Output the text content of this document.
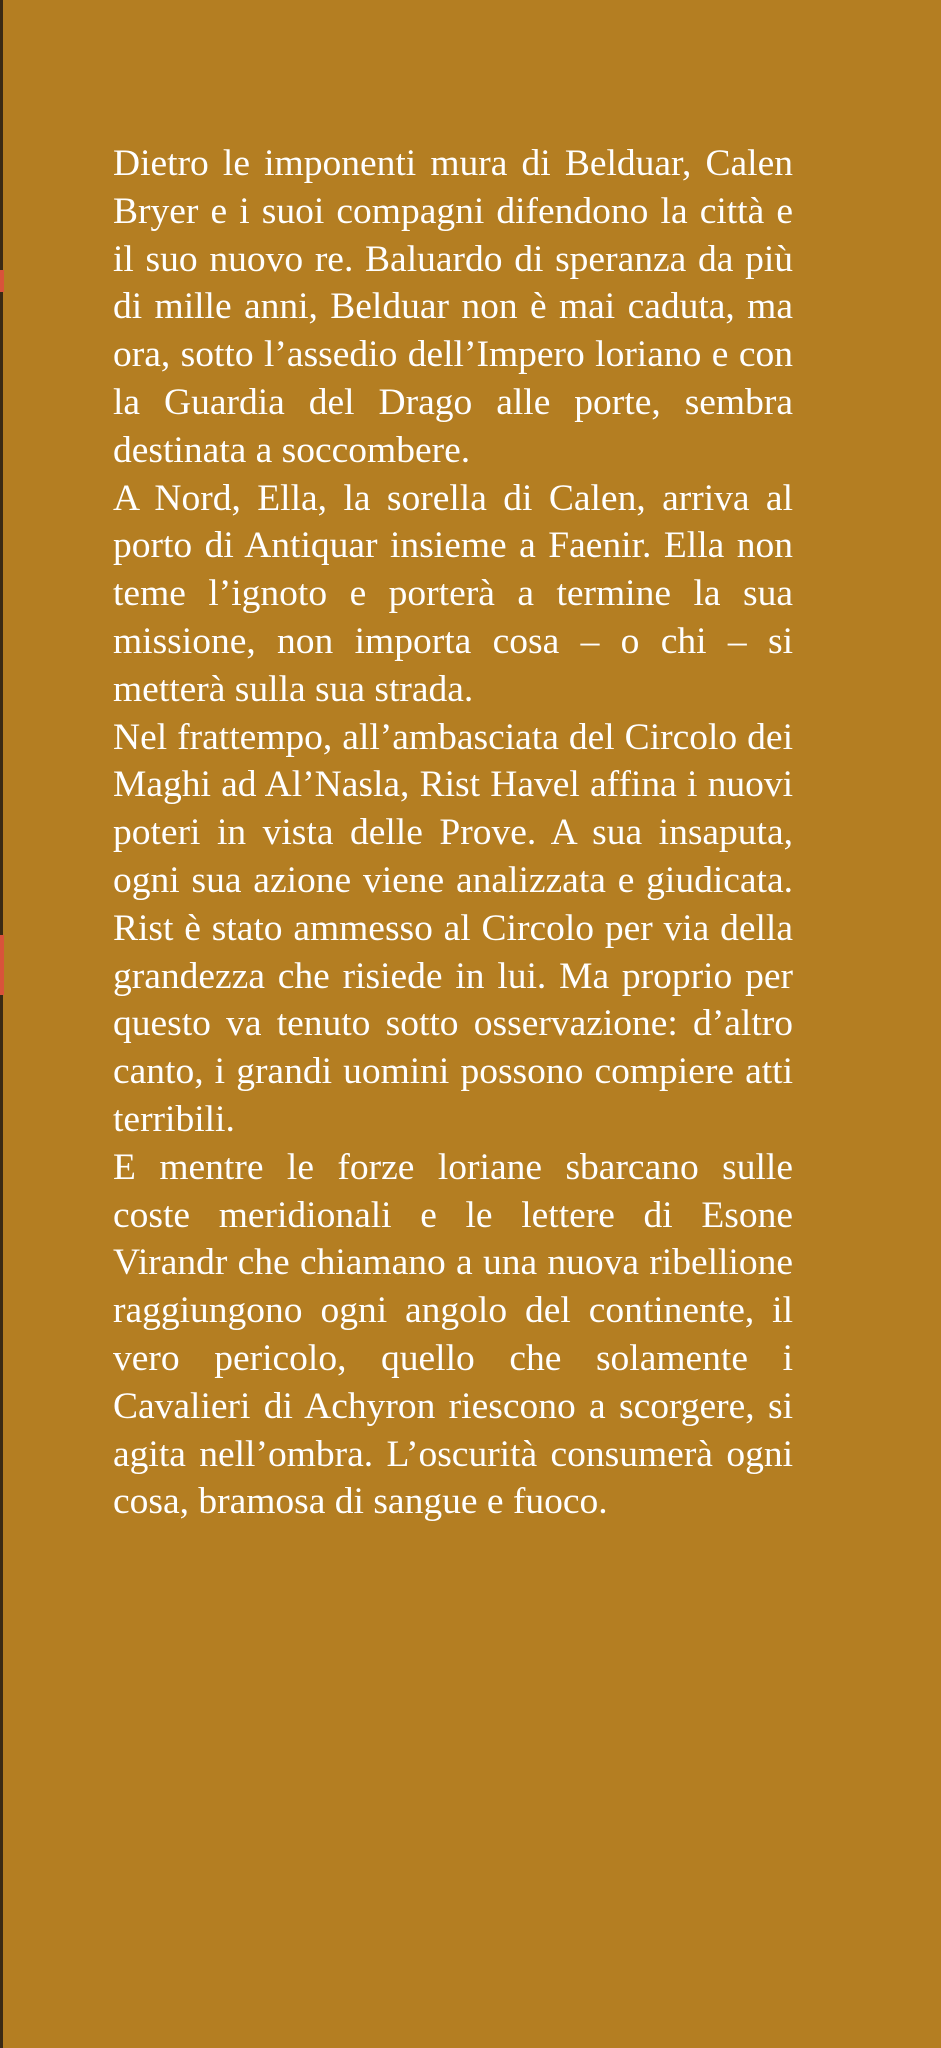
Dietro le imponenti mura di Belduar, Calen Bryer e i suoi compagni difendono la città e il suo nuovo re. Baluardo di speranza da più di mille anni, Belduar non è mai caduta, ma ora, sotto l’assedio dell’Impero loriano e con la Guardia del Drago alle porte, sembra destinata a soccombere.

A Nord, Ella, la sorella di Calen, arriva al porto di Antiquar insieme a Faenir. Ella non teme l’ignoto e porterà a termine la sua missione, non importa cosa – o chi – si metterà sulla sua strada.

Nel frattempo, all’ambasciata del Circolo dei Maghi ad Al’Nasla, Rist Havel affina i nuovi poteri in vista delle Prove. A sua insaputa, ogni sua azione viene analizzata e giudicata. Rist è stato ammesso al Circolo per via della grandezza che risiede in lui. Ma proprio per questo va tenuto sotto osservazione: d’altro canto, i grandi uomini possono compiere atti terribili.

E mentre le forze loriane sbarcano sulle coste meridionali e le lettere di Esone Virandr che chiamano a una nuova ribellione raggiungono ogni angolo del continente, il vero pericolo, quello che solamente i Cavalieri di Achyron riescono a scorgere, si agita nell’ombra. L’oscurità consumerà ogni cosa, bramosa di sangue e fuoco.
